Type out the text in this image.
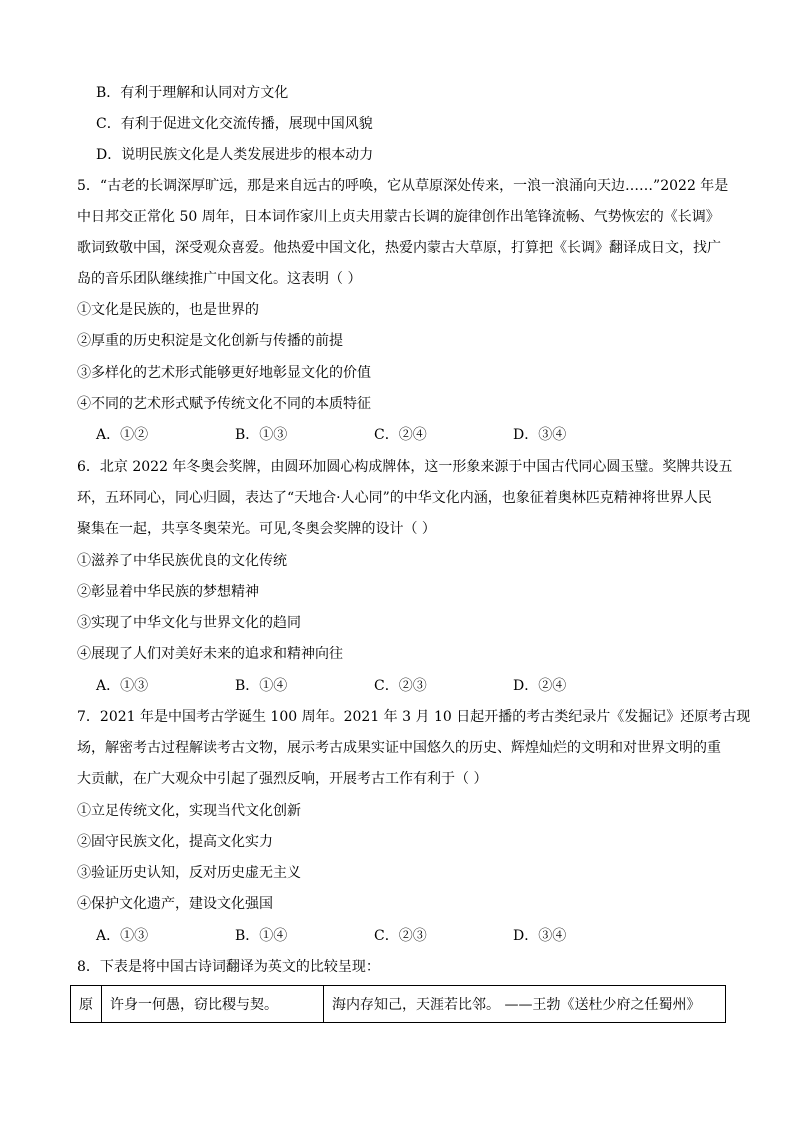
B．有利于理解和认同对方文化
C．有利于促进文化交流传播，展现中国风貌
D．说明民族文化是人类发展进步的根本动力
5．“古老的长调深厚旷远，那是来自远古的呼唤，它从草原深处传来，一浪一浪涌向天边……”2022 年是
中日邦交正常化 50 周年，日本词作家川上贞夫用蒙古长调的旋律创作出笔锋流畅、气势恢宏的《长调》
歌词致敬中国，深受观众喜爱。他热爱中国文化，热爱内蒙古大草原，打算把《长调》翻译成日文，找广
岛的音乐团队继续推广中国文化。这表明（ ）
①文化是民族的，也是世界的
②厚重的历史积淀是文化创新与传播的前提
③多样化的艺术形式能够更好地彰显文化的价值
④不同的艺术形式赋予传统文化不同的本质特征
A．①②	B．①③	C．②④	D．③④
6．北京 2022 年冬奥会奖牌，由圆环加圆心构成牌体，这一形象来源于中国古代同心圆玉璧。奖牌共设五
环，五环同心，同心归圆，表达了“天地合·人心同”的中华文化内涵，也象征着奥林匹克精神将世界人民
聚集在一起，共享冬奥荣光。可见,冬奥会奖牌的设计（ ）
①滋养了中华民族优良的文化传统
②彰显着中华民族的梦想精神
③实现了中华文化与世界文化的趋同
④展现了人们对美好未来的追求和精神向往
A．①③	B．①④	C．②③	D．②④
7．2021 年是中国考古学诞生 100 周年。2021 年 3 月 10 日起开播的考古类纪录片《发掘记》还原考古现
场，解密考古过程解读考古文物，展示考古成果实证中国悠久的历史、辉煌灿烂的文明和对世界文明的重
大贡献，在广大观众中引起了强烈反响，开展考古工作有利于（ ）
①立足传统文化，实现当代文化创新
②固守民族文化，提高文化实力
③验证历史认知，反对历史虚无主义
④保护文化遗产，建设文化强国
A．①③	B．①④	C．②③	D．③④
8．下表是将中国古诗词翻译为英文的比较呈现：
原	许身一何愚，窃比稷与契。	海内存知己，天涯若比邻。 ——王勃《送杜少府之任蜀州》
